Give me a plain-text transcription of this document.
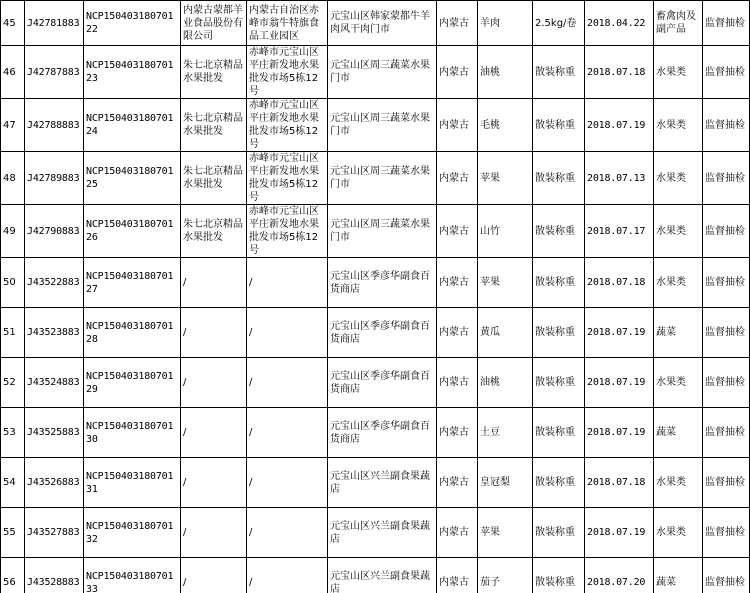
45	J42781883	NCP15040318070122	内蒙古蒙都羊业食品股份有限公司	内蒙古自治区赤峰市翁牛特旗食品工业园区	元宝山区韩家蒙都牛羊肉风干肉门市	内蒙古	羊肉	2.5kg/卷	2018.04.22	畜禽肉及副产品	监督抽检
46	J42787883	NCP15040318070123	朱七北京精品水果批发	赤峰市元宝山区平庄新发地水果批发市场5栋12号	元宝山区周三蔬菜水果门市	内蒙古	油桃	散装称重	2018.07.18	水果类	监督抽检
47	J42788883	NCP15040318070124	朱七北京精品水果批发	赤峰市元宝山区平庄新发地水果批发市场5栋12号	元宝山区周三蔬菜水果门市	内蒙古	毛桃	散装称重	2018.07.19	水果类	监督抽检
48	J42789883	NCP15040318070125	朱七北京精品水果批发	赤峰市元宝山区平庄新发地水果批发市场5栋12号	元宝山区周三蔬菜水果门市	内蒙古	苹果	散装称重	2018.07.13	水果类	监督抽检
49	J42790883	NCP15040318070126	朱七北京精品水果批发	赤峰市元宝山区平庄新发地水果批发市场5栋12号	元宝山区周三蔬菜水果门市	内蒙古	山竹	散装称重	2018.07.17	水果类	监督抽检
50	J43522883	NCP15040318070127	/	/	元宝山区季彦华副食百货商店	内蒙古	苹果	散装称重	2018.07.18	水果类	监督抽检
51	J43523883	NCP15040318070128	/	/	元宝山区季彦华副食百货商店	内蒙古	黄瓜	散装称重	2018.07.19	蔬菜	监督抽检
52	J43524883	NCP15040318070129	/	/	元宝山区季彦华副食百货商店	内蒙古	油桃	散装称重	2018.07.19	水果类	监督抽检
53	J43525883	NCP15040318070130	/	/	元宝山区季彦华副食百货商店	内蒙古	土豆	散装称重	2018.07.19	蔬菜	监督抽检
54	J43526883	NCP15040318070131	/	/	元宝山区兴兰副食果蔬店	内蒙古	皇冠梨	散装称重	2018.07.18	水果类	监督抽检
55	J43527883	NCP15040318070132	/	/	元宝山区兴兰副食果蔬店	内蒙古	苹果	散装称重	2018.07.19	水果类	监督抽检
56	J43528883	NCP15040318070133	/	/	元宝山区兴兰副食果蔬店	内蒙古	茄子	散装称重	2018.07.20	蔬菜	监督抽检
